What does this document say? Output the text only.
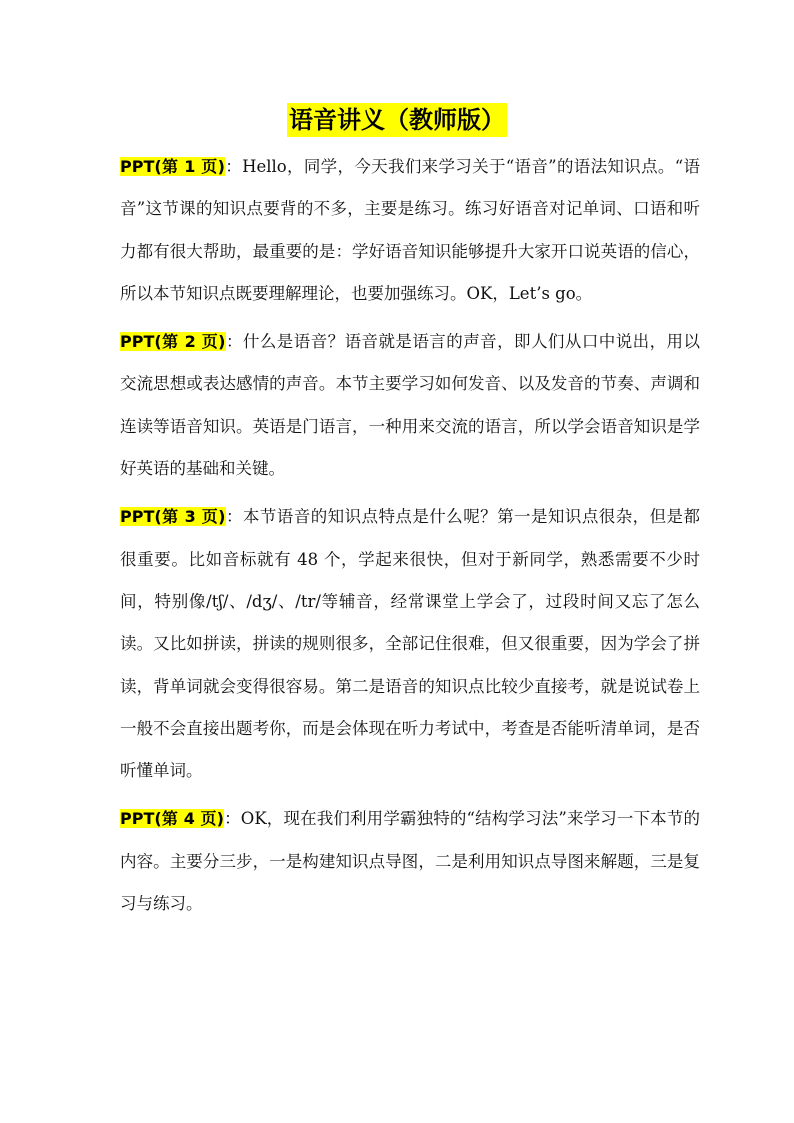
语音讲义（教师版）

PPT(第 1 页)：Hello，同学，今天我们来学习关于“语音”的语法知识点。“语音”这节课的知识点要背的不多，主要是练习。练习好语音对记单词、口语和听力都有很大帮助，最重要的是：学好语音知识能够提升大家开口说英语的信心，所以本节知识点既要理解理论，也要加强练习。OK，Let’s go。

PPT(第 2 页)：什么是语音？语音就是语言的声音，即人们从口中说出，用以交流思想或表达感情的声音。本节主要学习如何发音、以及发音的节奏、声调和连读等语音知识。英语是门语言，一种用来交流的语言，所以学会语音知识是学好英语的基础和关键。

PPT(第 3 页)：本节语音的知识点特点是什么呢？第一是知识点很杂，但是都很重要。比如音标就有 48 个，学起来很快，但对于新同学，熟悉需要不少时间，特别像/tʃ/、/dʒ/、/tr/等辅音，经常课堂上学会了，过段时间又忘了怎么读。又比如拼读，拼读的规则很多，全部记住很难，但又很重要，因为学会了拼读，背单词就会变得很容易。第二是语音的知识点比较少直接考，就是说试卷上一般不会直接出题考你，而是会体现在听力考试中，考查是否能听清单词，是否听懂单词。

PPT(第 4 页)：OK，现在我们利用学霸独特的“结构学习法”来学习一下本节的内容。主要分三步，一是构建知识点导图，二是利用知识点导图来解题，三是复习与练习。
